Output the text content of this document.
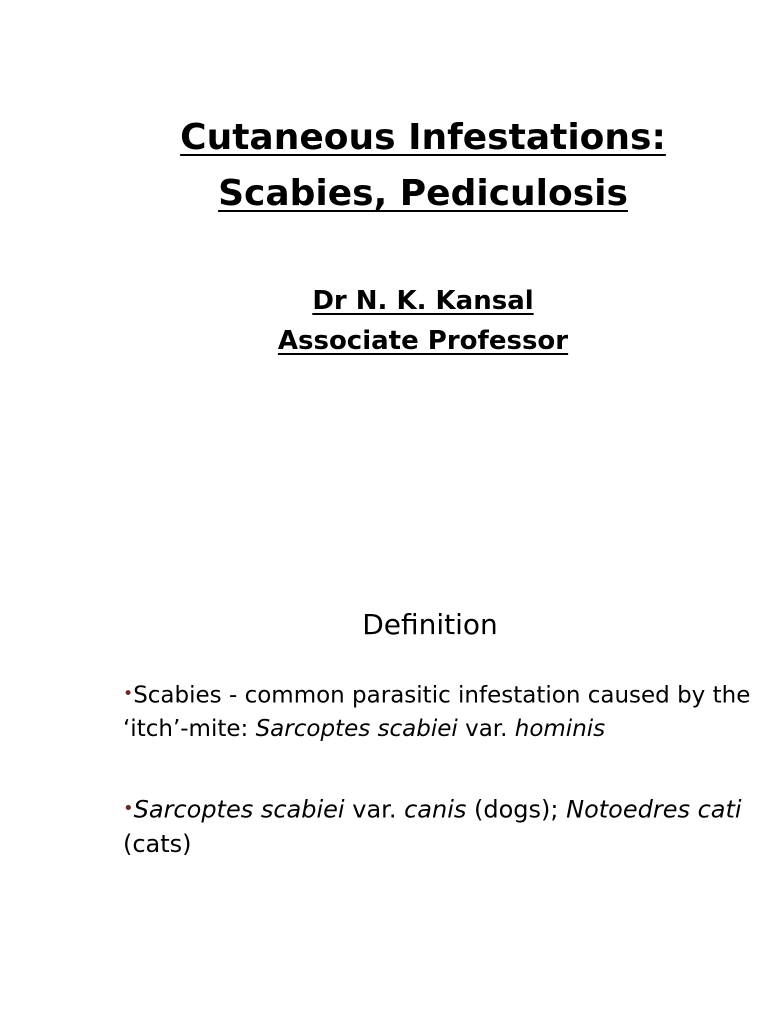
Cutaneous Infestations:
Scabies, Pediculosis
Dr N. K. Kansal
Associate Professor
Definition
•Scabies - common parasitic infestation caused by the
‘itch’-mite: Sarcoptes scabiei var. hominis
•Sarcoptes scabiei var. canis (dogs); Notoedres cati
(cats)
